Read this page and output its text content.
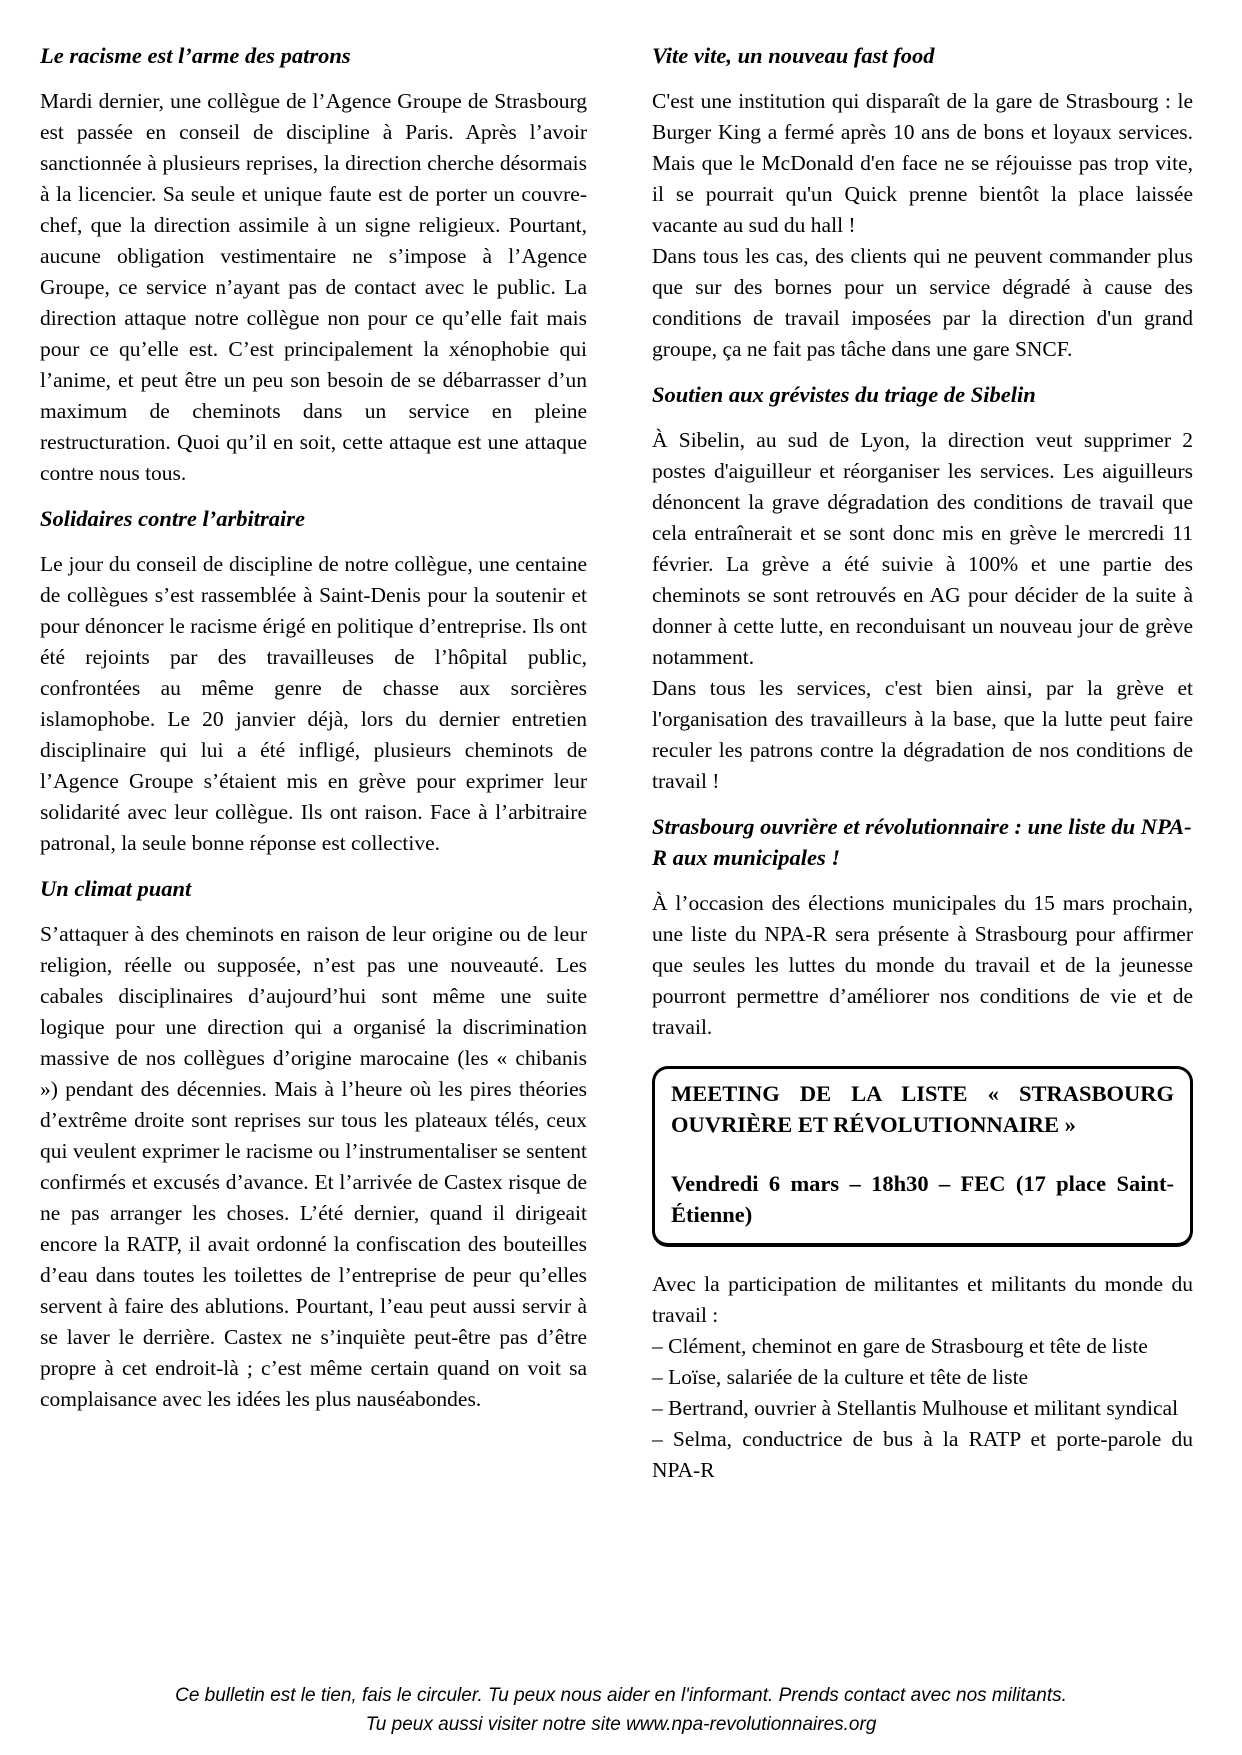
Le racisme est l’arme des patrons

Mardi dernier, une collègue de l’Agence Groupe de Strasbourg est passée en conseil de discipline à Paris. Après l’avoir sanctionnée à plusieurs reprises, la direction cherche désormais à la licencier. Sa seule et unique faute est de porter un couvre-chef, que la direction assimile à un signe religieux. Pourtant, aucune obligation vestimentaire ne s’impose à l’Agence Groupe, ce service n’ayant pas de contact avec le public. La direction attaque notre collègue non pour ce qu’elle fait mais pour ce qu’elle est. C’est principalement la xénophobie qui l’anime, et peut être un peu son besoin de se débarrasser d’un maximum de cheminots dans un service en pleine restructuration. Quoi qu’il en soit, cette attaque est une attaque contre nous tous.

Solidaires contre l’arbitraire

Le jour du conseil de discipline de notre collègue, une centaine de collègues s’est rassemblée à Saint-Denis pour la soutenir et pour dénoncer le racisme érigé en politique d’entreprise. Ils ont été rejoints par des travailleuses de l’hôpital public, confrontées au même genre de chasse aux sorcières islamophobe. Le 20 janvier déjà, lors du dernier entretien disciplinaire qui lui a été infligé, plusieurs cheminots de l’Agence Groupe s’étaient mis en grève pour exprimer leur solidarité avec leur collègue. Ils ont raison. Face à l’arbitraire patronal, la seule bonne réponse est collective.

Un climat puant

S’attaquer à des cheminots en raison de leur origine ou de leur religion, réelle ou supposée, n’est pas une nouveauté. Les cabales disciplinaires d’aujourd’hui sont même une suite logique pour une direction qui a organisé la discrimination massive de nos collègues d’origine marocaine (les « chibanis ») pendant des décennies. Mais à l’heure où les pires théories d’extrême droite sont reprises sur tous les plateaux télés, ceux qui veulent exprimer le racisme ou l’instrumentaliser se sentent confirmés et excusés d’avance. Et l’arrivée de Castex risque de ne pas arranger les choses. L’été dernier, quand il dirigeait encore la RATP, il avait ordonné la confiscation des bouteilles d’eau dans toutes les toilettes de l’entreprise de peur qu’elles servent à faire des ablutions. Pourtant, l’eau peut aussi servir à se laver le derrière. Castex ne s’inquiète peut-être pas d’être propre à cet endroit-là ; c’est même certain quand on voit sa complaisance avec les idées les plus nauséabondes.

Vite vite, un nouveau fast food

C'est une institution qui disparaît de la gare de Strasbourg : le Burger King a fermé après 10 ans de bons et loyaux services. Mais que le McDonald d'en face ne se réjouisse pas trop vite, il se pourrait qu'un Quick prenne bientôt la place laissée vacante au sud du hall !

Dans tous les cas, des clients qui ne peuvent commander plus que sur des bornes pour un service dégradé à cause des conditions de travail imposées par la direction d'un grand groupe, ça ne fait pas tâche dans une gare SNCF.

Soutien aux grévistes du triage de Sibelin

À Sibelin, au sud de Lyon, la direction veut supprimer 2 postes d'aiguilleur et réorganiser les services. Les aiguilleurs dénoncent la grave dégradation des conditions de travail que cela entraînerait et se sont donc mis en grève le mercredi 11 février. La grève a été suivie à 100% et une partie des cheminots se sont retrouvés en AG pour décider de la suite à donner à cette lutte, en reconduisant un nouveau jour de grève notamment.

Dans tous les services, c'est bien ainsi, par la grève et l'organisation des travailleurs à la base, que la lutte peut faire reculer les patrons contre la dégradation de nos conditions de travail !

Strasbourg ouvrière et révolutionnaire : une liste du NPA-R aux municipales !

À l’occasion des élections municipales du 15 mars prochain, une liste du NPA-R sera présente à Strasbourg pour affirmer que seules les luttes du monde du travail et de la jeunesse pourront permettre d’améliorer nos conditions de vie et de travail.

MEETING DE LA LISTE « STRASBOURG OUVRIÈRE ET RÉVOLUTIONNAIRE »

Vendredi 6 mars – 18h30 – FEC (17 place Saint-Étienne)

Avec la participation de militantes et militants du monde du travail :

– Clément, cheminot en gare de Strasbourg et tête de liste

– Loïse, salariée de la culture et tête de liste

– Bertrand, ouvrier à Stellantis Mulhouse et militant syndical

– Selma, conductrice de bus à la RATP et porte-parole du NPA-R

Ce bulletin est le tien, fais le circuler. Tu peux nous aider en l'informant. Prends contact avec nos militants.
Tu peux aussi visiter notre site www.npa-revolutionnaires.org
